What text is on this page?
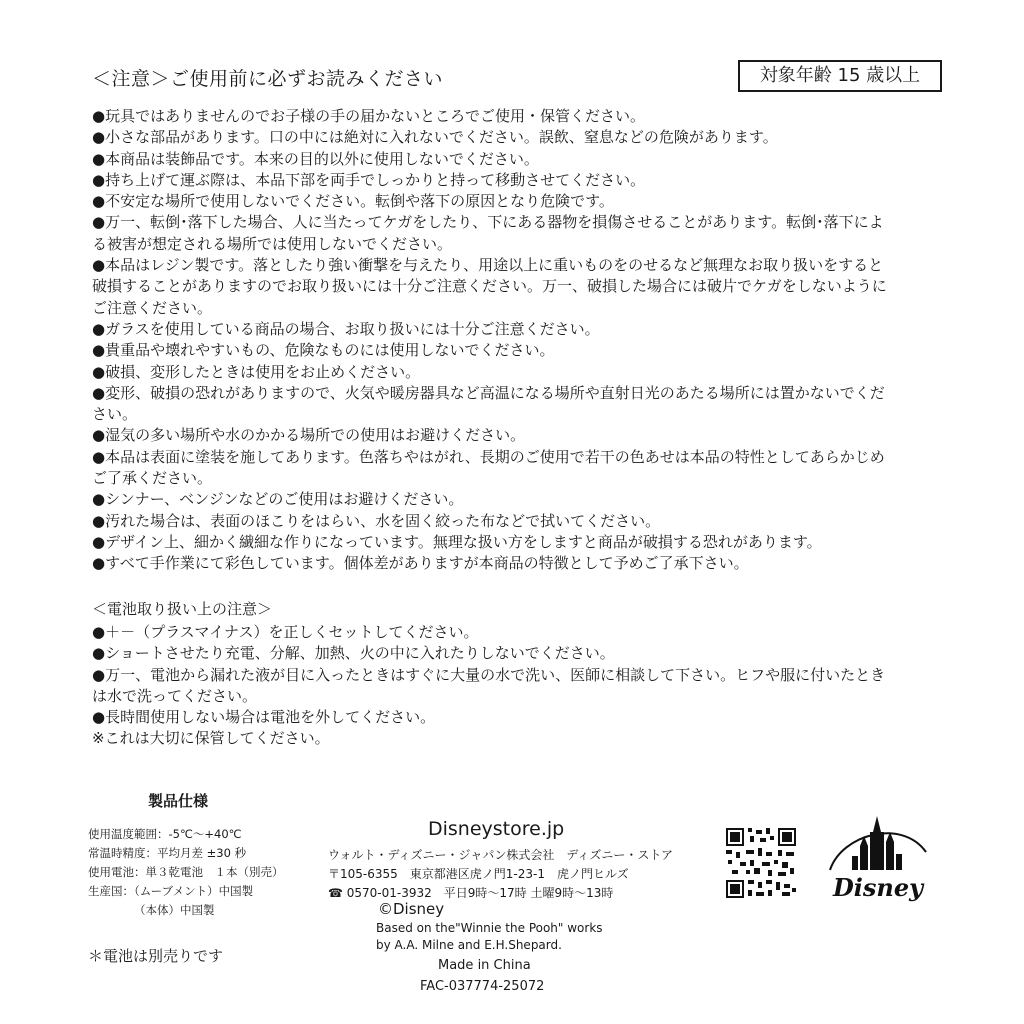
＜注意＞ご使用前に必ずお読みください	対象年齢 15 歳以上

●玩具ではありませんのでお子様の手の届かないところでご使用・保管ください。

●小さな部品があります。口の中には絶対に入れないでください。誤飲、窒息などの危険があります。

●本商品は装飾品です。本来の目的以外に使用しないでください。

●持ち上げて運ぶ際は、本品下部を両手でしっかりと持って移動させてください。

●不安定な場所で使用しないでください。転倒や落下の原因となり危険です。

●万一、転倒･落下した場合、人に当たってケガをしたり、下にある器物を損傷させることがあります。転倒･落下による被害が想定される場所では使用しないでください。

●本品はレジン製です。落としたり強い衝撃を与えたり、用途以上に重いものをのせるなど無理なお取り扱いをすると破損することがありますのでお取り扱いには十分ご注意ください。万一、破損した場合には破片でケガをしないようにご注意ください。

●ガラスを使用している商品の場合、お取り扱いには十分ご注意ください。

●貴重品や壊れやすいもの、危険なものには使用しないでください。

●破損、変形したときは使用をお止めください。

●変形、破損の恐れがありますので、火気や暖房器具など高温になる場所や直射日光のあたる場所には置かないでください。

●湿気の多い場所や水のかかる場所での使用はお避けください。

●本品は表面に塗装を施してあります。色落ちやはがれ、長期のご使用で若干の色あせは本品の特性としてあらかじめご了承ください。

●シンナー、ベンジンなどのご使用はお避けください。

●汚れた場合は、表面のほこりをはらい、水を固く絞った布などで拭いてください。

●デザイン上、細かく繊細な作りになっています。無理な扱い方をしますと商品が破損する恐れがあります。

●すべて手作業にて彩色しています。個体差がありますが本商品の特徴として予めご了承下さい。

＜電池取り扱い上の注意＞

●＋－（プラスマイナス）を正しくセットしてください。

●ショートさせたり充電、分解、加熱、火の中に入れたりしないでください。

●万一、電池から漏れた液が目に入ったときはすぐに大量の水で洗い、医師に相談して下さい。ヒフや服に付いたときは水で洗ってください。

●長時間使用しない場合は電池を外してください。

※これは大切に保管してください。

製品仕様
使用温度範囲：-5℃～+40℃
常温時精度：平均月差 ±30 秒
使用電池：単３乾電池　１本（別売）
生産国：（ムーブメント）中国製
（本体）中国製
＊電池は別売りです
Disneystore.jp
ウォルト・ディズニー・ジャパン株式会社　ディズニー・ストア
〒105-6355　東京都港区虎ノ門1-23-1　虎ノ門ヒルズ
☎ 0570-01-3932　平日9時～17時 土曜9時～13時
©Disney
Based on the"Winnie the Pooh" works
by A.A. Milne and E.H.Shepard.
Made in China
FAC-037774-25072
Disney
